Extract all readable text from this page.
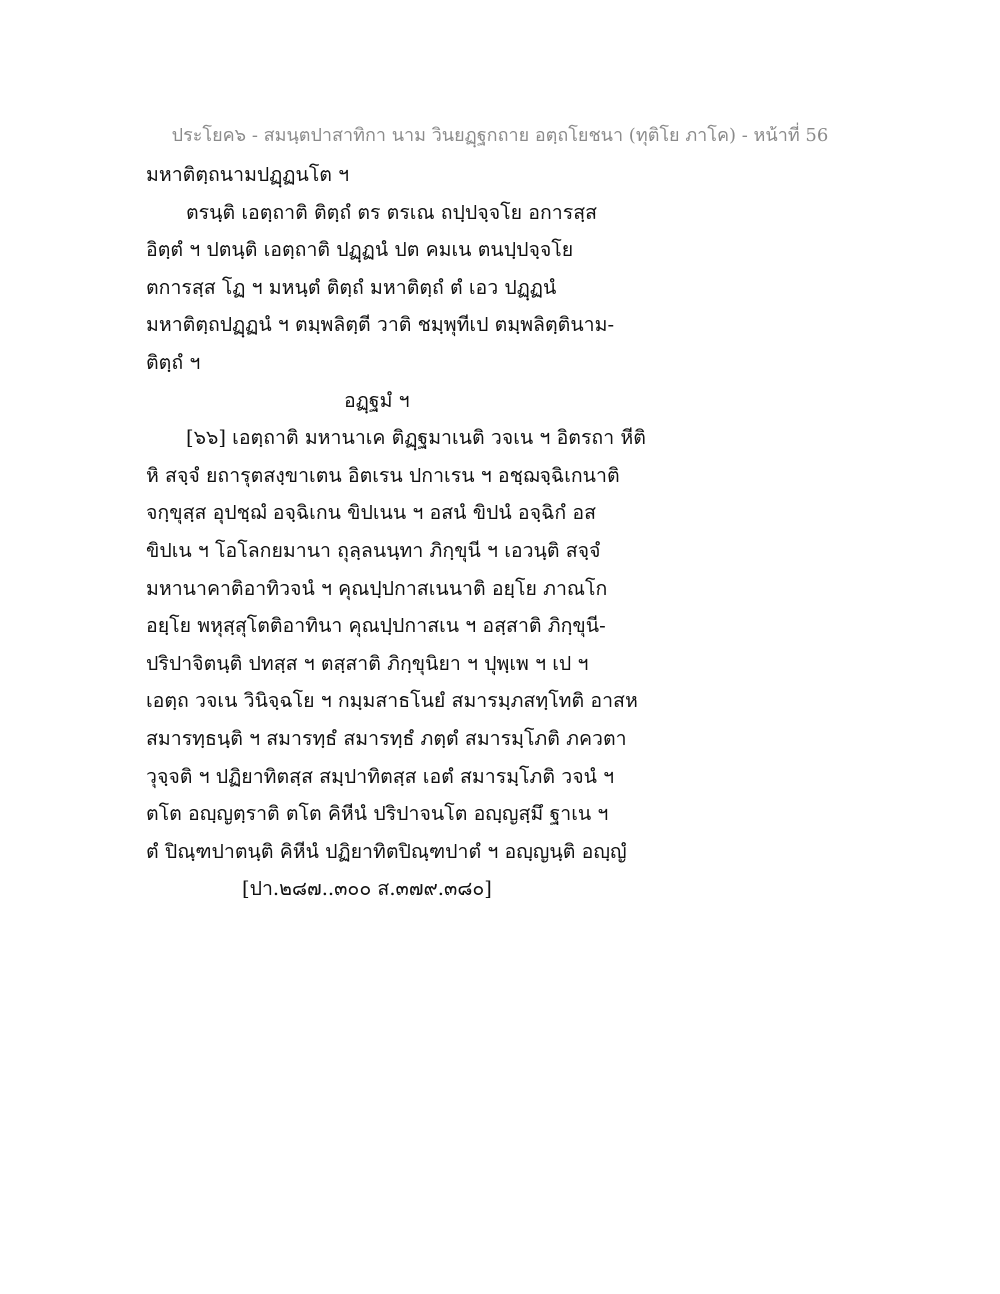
ประโยค๖ - สมนฺตปาสาทิกา นาม วินยฏฺฐกถาย อตฺถโยชนา (ทุติโย ภาโค) - หน้าที่ 56
มหาติตฺถนามปฏฺฏนโต ฯ
ตรนฺติ เอตฺถาติ ติตฺถํ ตร ตรเณ ถปฺปจฺจโย อการสฺส
อิตฺตํ ฯ ปตนฺติ เอตฺถาติ ปฏฺฏนํ ปต คมเน ตนปฺปจฺจโย
ตการสฺส โฏ ฯ มหนฺตํ ติตฺถํ มหาติตฺถํ ตํ เอว ปฏฺฏนํ
มหาติตฺถปฏฺฏนํ ฯ ตมฺพลิตฺตี วาติ ชมฺพุทีเป ตมฺพลิตฺตินาม-
ติตฺถํ ฯ
อฏฺฐมํ ฯ
[๖๖] เอตฺถาติ มหานาเค ติฏฺฐมาเนติ วจเน ฯ อิตรถา หีติ
หิ สจฺจํ ยถารุตสงฺขาเตน อิตเรน ปกาเรน ฯ อชฺฌจฺฉิเกนาติ
จกฺขุสฺส อุปชฺฌํ อจฺฉิเกน ขิปเนน ฯ อสนํ ขิปนํ อจฺฉิกํ อส
ขิปเน ฯ โอโลกยมานา ถุลฺลนนฺทา ภิกฺขุนี ฯ เอวนฺติ สจฺจํ
มหานาคาติอาทิวจนํ ฯ คุณปฺปกาสเนนาติ อยฺโย ภาณโก
อยฺโย พหุสฺสุโตติอาทินา คุณปฺปกาสเน ฯ อสฺสาติ ภิกฺขุนี-
ปริปาจิตนฺติ ปทสฺส ฯ ตสฺสาติ ภิกฺขุนิยา ฯ ปุพฺเพ ฯ เป ฯ
เอตฺถ วจเน วินิจฺฉโย ฯ กมฺมสาธโนยํ สมารมฺภสทฺโทติ อาสห
สมารทฺธนฺติ ฯ สมารทฺธํ สมารทฺธํ ภตฺตํ สมารมฺโภติ ภควตา
วุจฺจติ ฯ ปฏิยาทิตสฺส สมฺปาทิตสฺส เอตํ สมารมฺโภติ วจนํ ฯ
ตโต อญฺญตฺราติ ตโต คิหีนํ ปริปาจนโต อญฺญสฺมึ ฐาเน ฯ
ตํ ปิณฺฑปาตนฺติ คิหีนํ ปฏิยาทิตปิณฺฑปาตํ ฯ อญฺญนฺติ อญฺญํ
[ปา.๒๘๗..๓๐๐ ส.๓๗๙.๓๘๐]
